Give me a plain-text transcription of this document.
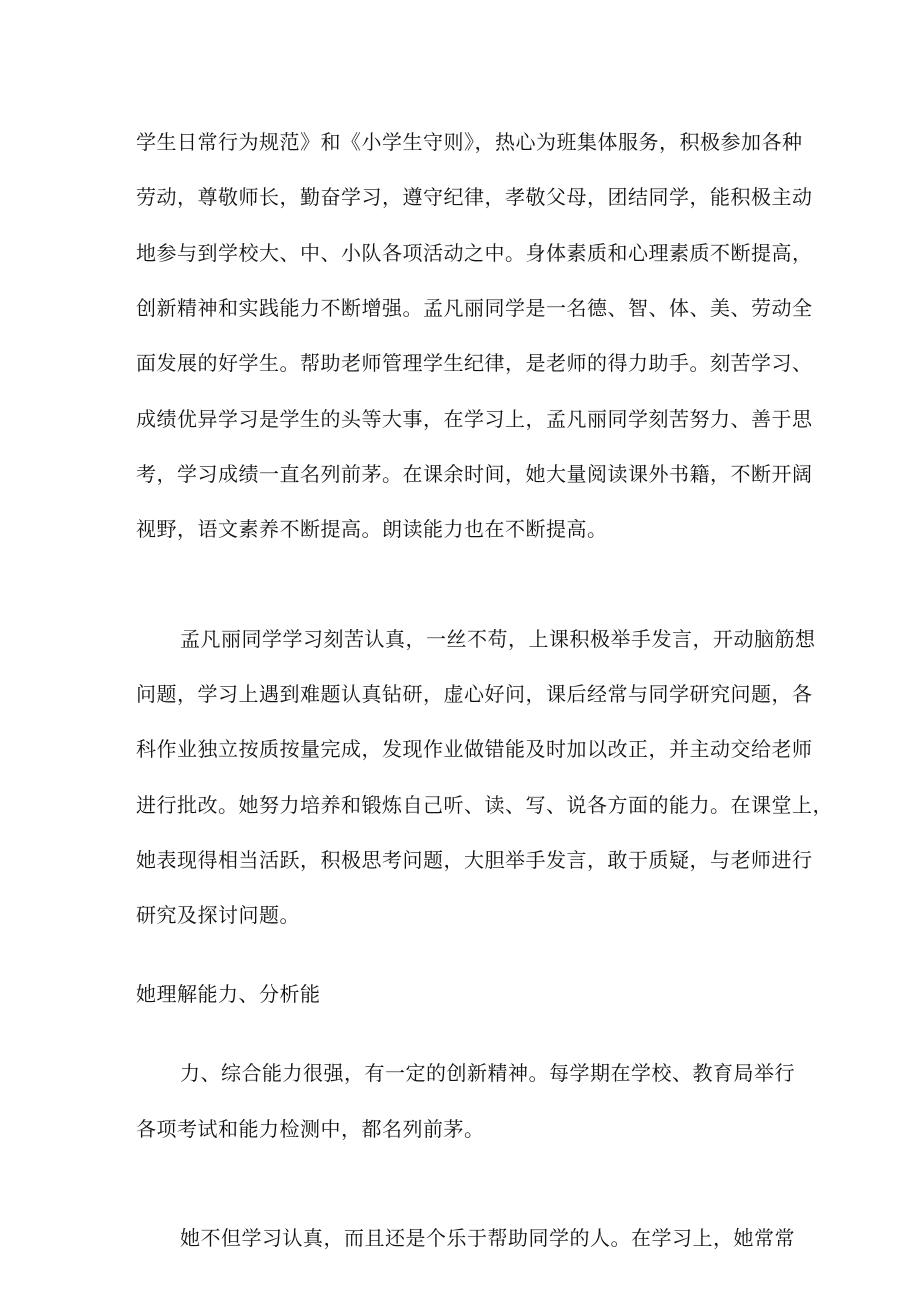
学生日常行为规范》和《小学生守则》，热心为班集体服务，积极参加各种
劳动，尊敬师长，勤奋学习，遵守纪律，孝敬父母，团结同学，能积极主动
地参与到学校大、中、小队各项活动之中。身体素质和心理素质不断提高，
创新精神和实践能力不断增强。孟凡丽同学是一名德、智、体、美、劳动全
面发展的好学生。帮助老师管理学生纪律，是老师的得力助手。刻苦学习、
成绩优异学习是学生的头等大事，在学习上，孟凡丽同学刻苦努力、善于思
考，学习成绩一直名列前茅。在课余时间，她大量阅读课外书籍，不断开阔
视野，语文素养不断提高。朗读能力也在不断提高。
孟凡丽同学学习刻苦认真，一丝不苟，上课积极举手发言，开动脑筋想
问题，学习上遇到难题认真钻研，虚心好问，课后经常与同学研究问题，各
科作业独立按质按量完成，发现作业做错能及时加以改正，并主动交给老师
进行批改。她努力培养和锻炼自己听、读、写、说各方面的能力。在课堂上，
她表现得相当活跃，积极思考问题，大胆举手发言，敢于质疑，与老师进行
研究及探讨问题。
她理解能力、分析能
力、综合能力很强，有一定的创新精神。每学期在学校、教育局举行
各项考试和能力检测中，都名列前茅。
她不但学习认真，而且还是个乐于帮助同学的人。在学习上，她常常
